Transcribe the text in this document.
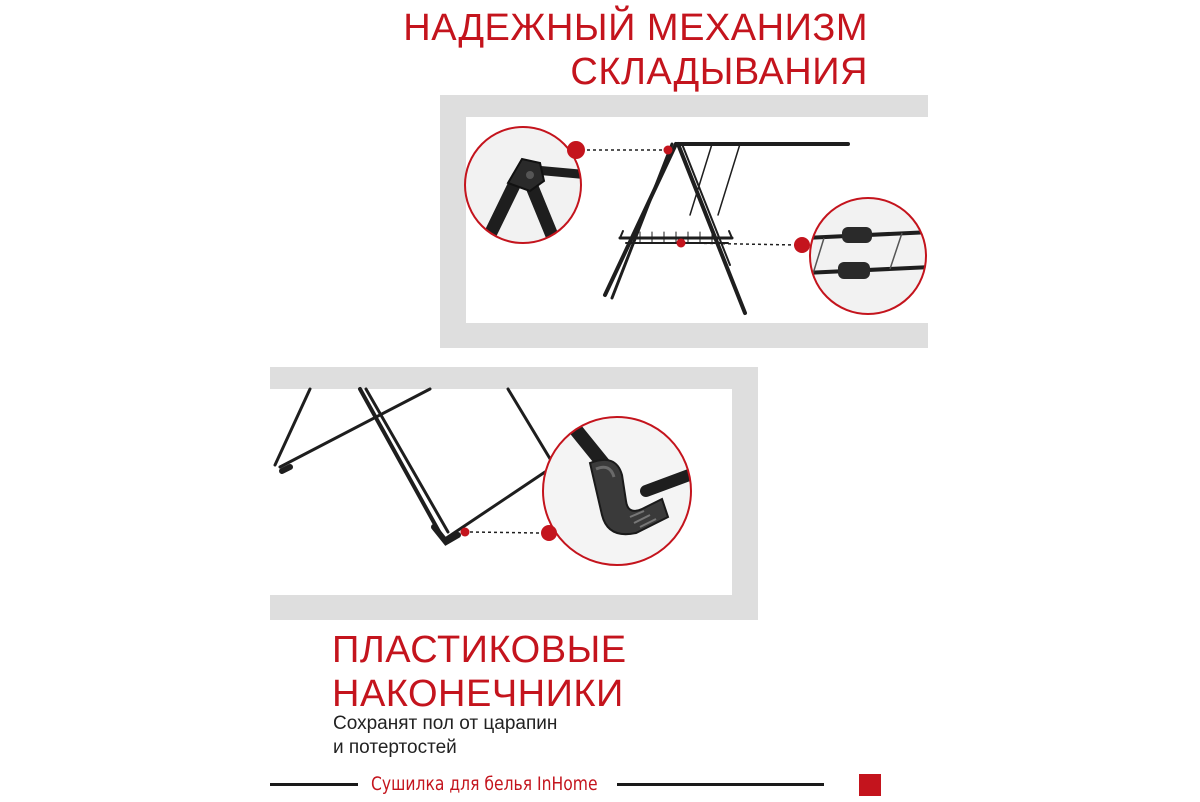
НАДЕЖНЫЙ МЕХАНИЗМ
СКЛАДЫВАНИЯ
ПЛАСТИКОВЫЕ
НАКОНЕЧНИКИ

Сохранят пол от царапин
и потертостей

Сушилка для белья InHome
